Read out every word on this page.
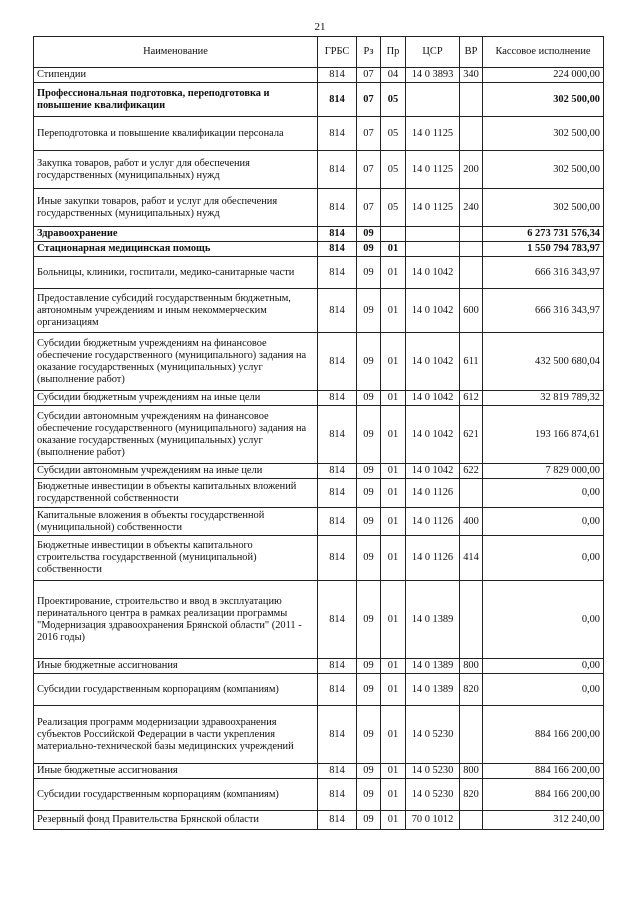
21
Наименование	ГРБС	Рз	Пр	ЦСР	ВР	Кассовое исполнение
Стипендии	814	07	04	14 0 3893	340	224 000,00
Профессиональная подготовка, переподготовка и повышение квалификации	814	07	05			302 500,00
Переподготовка и повышение квалификации персонала	814	07	05	14 0 1125		302 500,00
Закупка товаров, работ и услуг для обеспечения государственных (муниципальных) нужд	814	07	05	14 0 1125	200	302 500,00
Иные закупки товаров, работ и услуг для обеспечения государственных (муниципальных) нужд	814	07	05	14 0 1125	240	302 500,00
Здравоохранение	814	09				6 273 731 576,34
Стационарная медицинская помощь	814	09	01			1 550 794 783,97
Больницы, клиники, госпитали, медико-санитарные части	814	09	01	14 0 1042		666 316 343,97
Предоставление субсидий государственным бюджетным, автономным учреждениям и иным некоммерческим организациям	814	09	01	14 0 1042	600	666 316 343,97
Субсидии бюджетным учреждениям на финансовое обеспечение государственного (муниципального) задания на оказание государственных (муниципальных) услуг (выполнение работ)	814	09	01	14 0 1042	611	432 500 680,04
Субсидии бюджетным учреждениям на иные цели	814	09	01	14 0 1042	612	32 819 789,32
Субсидии автономным учреждениям на финансовое обеспечение государственного (муниципального) задания на оказание государственных (муниципальных) услуг (выполнение работ)	814	09	01	14 0 1042	621	193 166 874,61
Субсидии автономным учреждениям на иные цели	814	09	01	14 0 1042	622	7 829 000,00
Бюджетные инвестиции в объекты капитальных вложений государственной собственности	814	09	01	14 0 1126		0,00
Капитальные вложения в объекты государственной (муниципальной) собственности	814	09	01	14 0 1126	400	0,00
Бюджетные инвестиции в объекты капитального строительства государственной (муниципальной) собственности	814	09	01	14 0 1126	414	0,00
Проектирование, строительство и ввод в эксплуатацию перинатального центра в рамках реализации программы "Модернизация здравоохранения Брянской области" (2011 - 2016 годы)	814	09	01	14 0 1389		0,00
Иные бюджетные ассигнования	814	09	01	14 0 1389	800	0,00
Субсидии государственным корпорациям (компаниям)	814	09	01	14 0 1389	820	0,00
Реализация программ модернизации здравоохранения субъектов Российской Федерации в части укрепления материально-технической базы медицинских учреждений	814	09	01	14 0 5230		884 166 200,00
Иные бюджетные ассигнования	814	09	01	14 0 5230	800	884 166 200,00
Субсидии государственным корпорациям (компаниям)	814	09	01	14 0 5230	820	884 166 200,00
Резервный фонд Правительства Брянской области	814	09	01	70 0 1012		312 240,00
